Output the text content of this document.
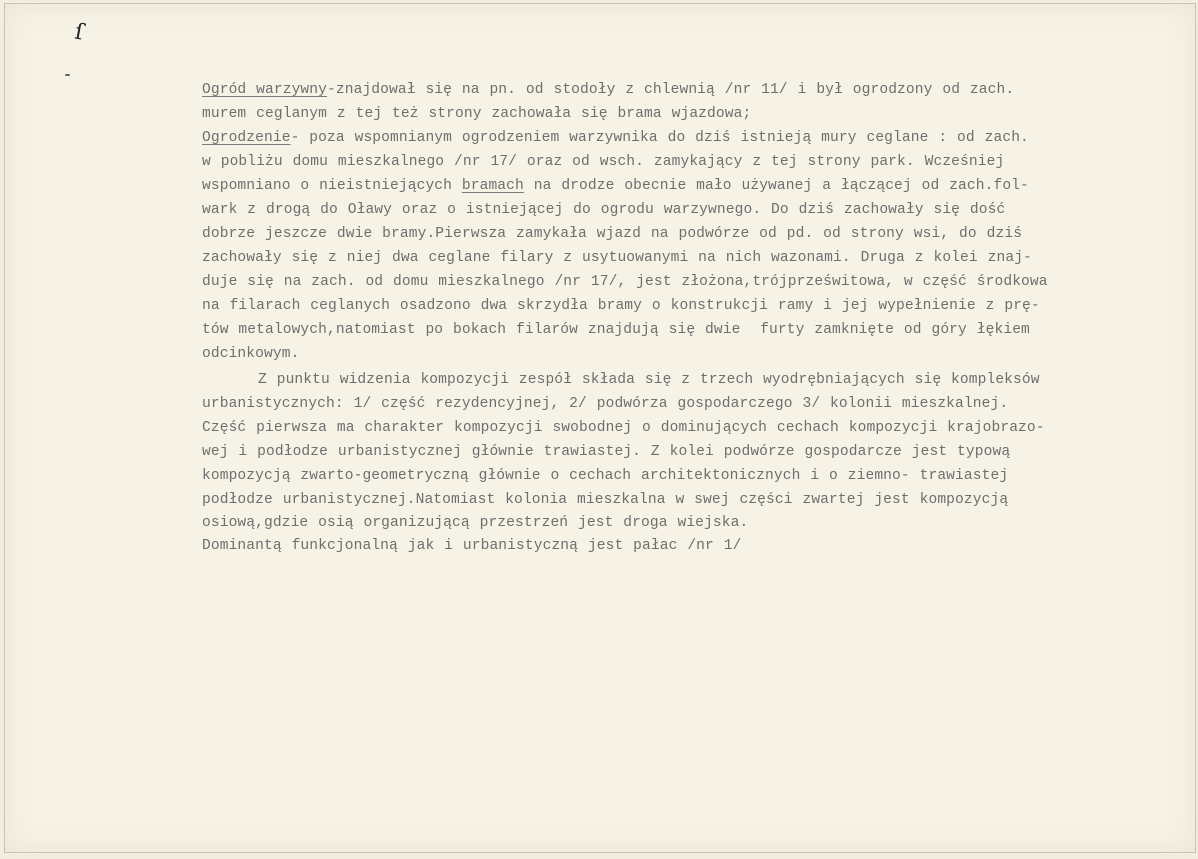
ſ
Ogród warzywny-znajdował się na pn. od stodoły z chlewnią /nr 11/ i był ogrodzony od zach.
murem ceglanym z tej też strony zachowała się brama wjazdowa;
Ogrodzenie- poza wspomnianym ogrodzeniem warzywnika do dziś istnieją mury ceglane : od zach.
w pobliżu domu mieszkalnego /nr 17/ oraz od wsch. zamykający z tej strony park. Wcześniej
wspomniano o nieistniejących bramach na drodze obecnie mało używanej a łączącej od zach.fol-
wark z drogą do Oławy oraz o istniejącej do ogrodu warzywnego. Do dziś zachowały się dość
dobrze jeszcze dwie bramy.Pierwsza zamykała wjazd na podwórze od pd. od strony wsi, do dziś
zachowały się z niej dwa ceglane filary z usytuowanymi na nich wazonami. Druga z kolei znaj-
duje się na zach. od domu mieszkalnego /nr 17/, jest złożona,trójprześwitowa, w część środkowa
na filarach ceglanych osadzono dwa skrzydła bramy o konstrukcji ramy i jej wypełnienie z prę-
tów metalowych,natomiast po bokach filarów znajdują się dwie  furty zamknięte od góry łękiem
odcinkowym.
Z punktu widzenia kompozycji zespół składa się z trzech wyodrębniających się kompleksów
urbanistycznych: 1/ część rezydencyjnej, 2/ podwórza gospodarczego 3/ kolonii mieszkalnej.
Część pierwsza ma charakter kompozycji swobodnej o dominujących cechach kompozycji krajobrazo-
wej i podłodze urbanistycznej głównie trawiastej. Z kolei podwórze gospodarcze jest typową
kompozycją zwarto-geometryczną głównie o cechach architektonicznych i o ziemno- trawiastej
podłodze urbanistycznej.Natomiast kolonia mieszkalna w swej części zwartej jest kompozycją
osiową,gdzie osią organizującą przestrzeń jest droga wiejska.
Dominantą funkcjonalną jak i urbanistyczną jest pałac /nr 1/
